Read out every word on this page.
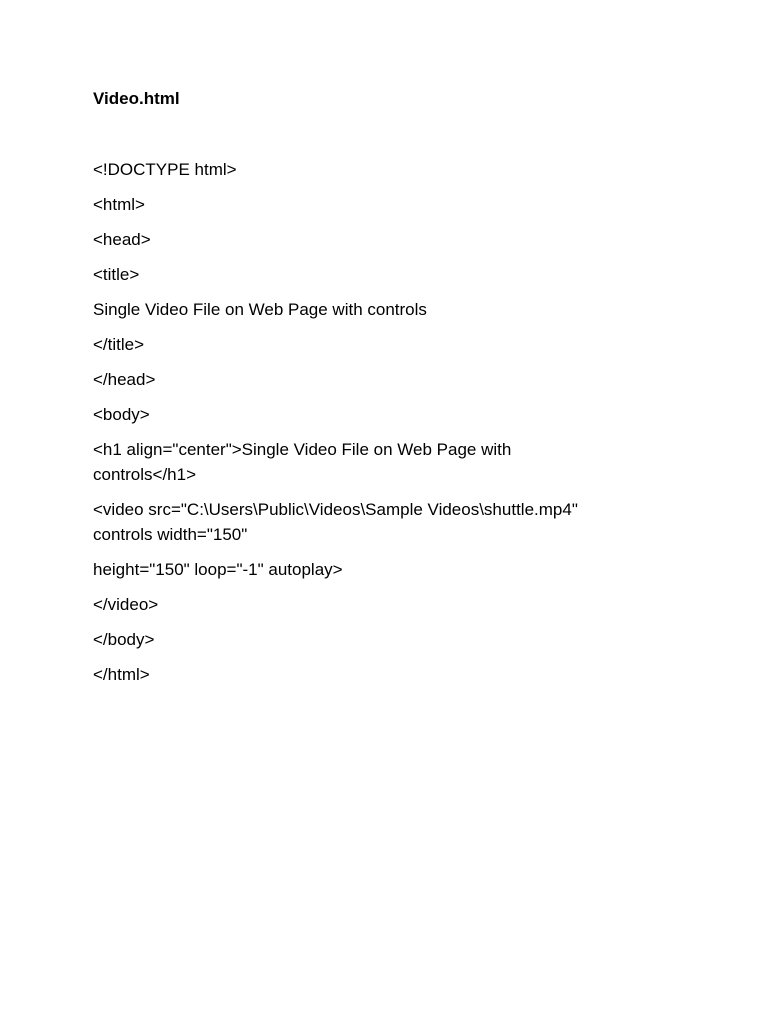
Video.html

<!DOCTYPE html>

<html>

<head>

<title>

Single Video File on Web Page with controls

</title>

</head>

<body>

<h1 align="center">Single Video File on Web Page with
controls</h1>

<video src="C:\Users\Public\Videos\Sample Videos\shuttle.mp4"
controls width="150"

height="150" loop="-1" autoplay>

</video>

</body>

</html>
